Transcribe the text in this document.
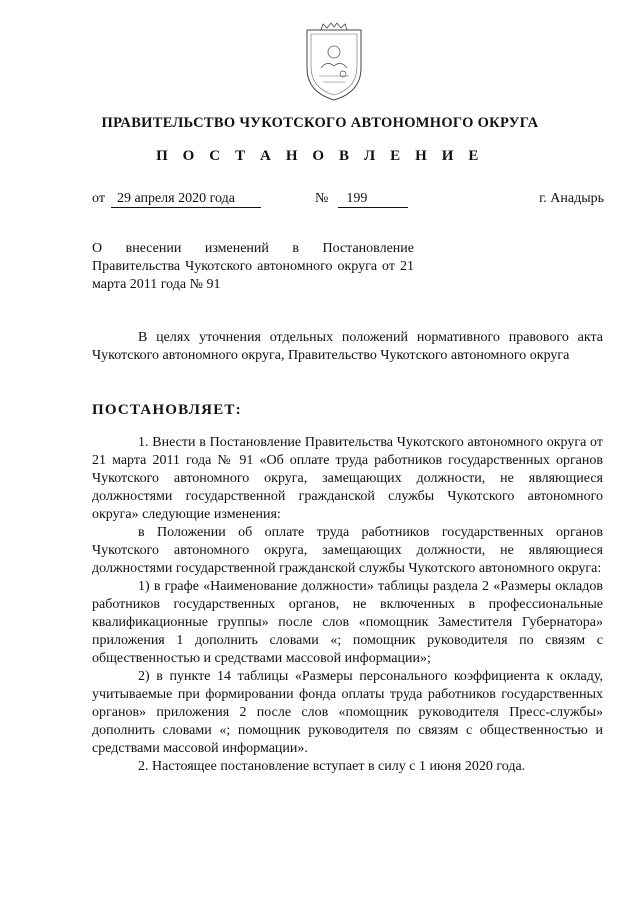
ПРАВИТЕЛЬСТВО ЧУКОТСКОГО АВТОНОМНОГО ОКРУГА
П О С Т А Н О В Л Е Н И Е
от 29 апреля 2020 года	№ 199	г. Анадырь
О внесении изменений в Постановление Правительства Чукотского автономного округа от 21 марта 2011 года № 91

В целях уточнения отдельных положений нормативного правового акта Чукотского автономного округа, Правительство Чукотского автономного округа

ПОСТАНОВЛЯЕТ:

1. Внести в Постановление Правительства Чукотского автономного округа от 21 марта 2011 года № 91 «Об оплате труда работников государственных органов Чукотского автономного округа, замещающих должности, не являющиеся должностями государственной гражданской службы Чукотского автономного округа» следующие изменения:

в Положении об оплате труда работников государственных органов Чукотского автономного округа, замещающих должности, не являющиеся должностями государственной гражданской службы Чукотского автономного округа:

1) в графе «Наименование должности» таблицы раздела 2 «Размеры окладов работников государственных органов, не включенных в профессиональные квалификационные группы» после слов «помощник Заместителя Губернатора» приложения 1 дополнить словами «; помощник руководителя по связям с общественностью и средствами массовой информации»;

2) в пункте 14 таблицы «Размеры персонального коэффициента к окладу, учитываемые при формировании фонда оплаты труда работников государственных органов» приложения 2 после слов «помощник руководителя Пресс-службы» дополнить словами «; помощник руководителя по связям с общественностью и средствами массовой информации».

2. Настоящее постановление вступает в силу с 1 июня 2020 года.
